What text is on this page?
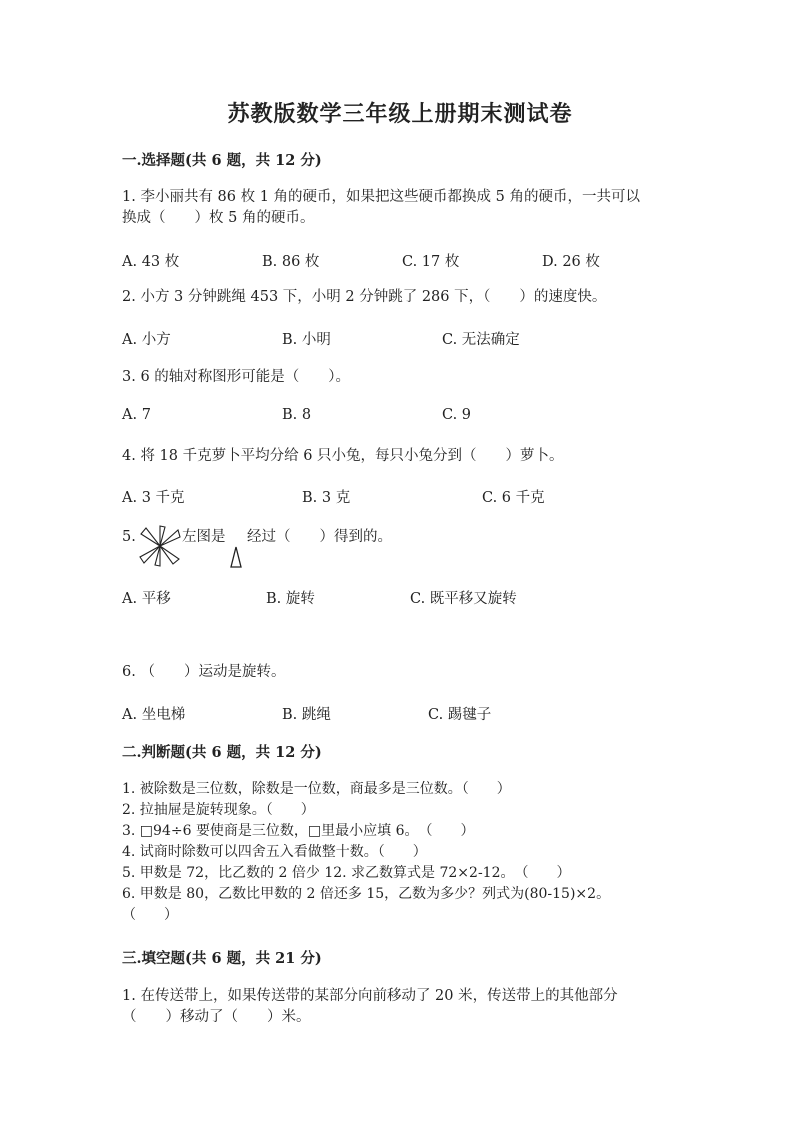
苏教版数学三年级上册期末测试卷
一.选择题(共 6 题，共 12 分)
1. 李小丽共有 86 枚 1 角的硬币，如果把这些硬币都换成 5 角的硬币，一共可以
换成（　　）枚 5 角的硬币。
A. 43 枚	B. 86 枚	C. 17 枚	D. 26 枚
2. 小方 3 分钟跳绳 453 下，小明 2 分钟跳了 286 下，（　　）的速度快。
A. 小方	B. 小明	C. 无法确定
3. 6 的轴对称图形可能是（　　）。
A. 7	B. 8	C. 9
4. 将 18 千克萝卜平均分给 6 只小兔，每只小兔分到（　　）萝卜。
A. 3 千克	B. 3 克	C. 6 千克
5.	左图是 经过（　　）得到的。
A. 平移	B. 旋转	C. 既平移又旋转
6. （　　）运动是旋转。
A. 坐电梯	B. 跳绳	C. 踢毽子
二.判断题(共 6 题，共 12 分)
1. 被除数是三位数，除数是一位数，商最多是三位数。（　　）
2. 拉抽屉是旋转现象。（　　）
3. □94÷6 要使商是三位数，□里最小应填 6。　（　　）
4. 试商时除数可以四舍五入看做整十数。（　　）
5. 甲数是 72，比乙数的 2 倍少 12. 求乙数算式是 72×2-12。　（　　）
6. 甲数是 80，乙数比甲数的 2 倍还多 15，乙数为多少？列式为(80-15)×2。
（　　）
三.填空题(共 6 题，共 21 分)
1. 在传送带上，如果传送带的某部分向前移动了 20 米，传送带上的其他部分
（　　）移动了（　　）米。
